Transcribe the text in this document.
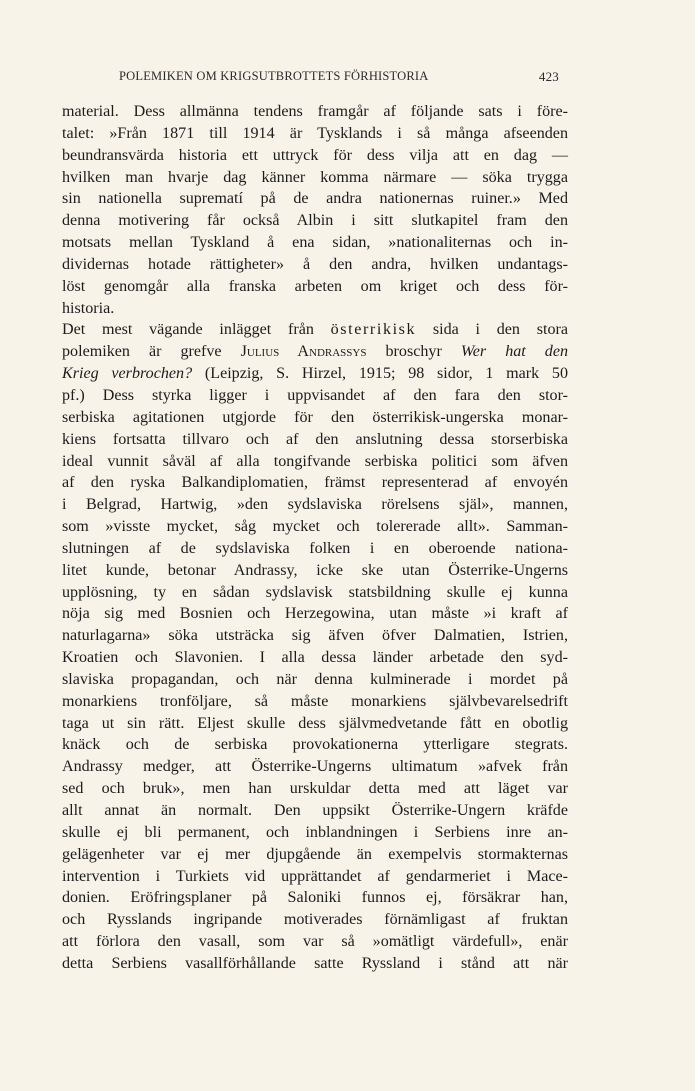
POLEMIKEN OM KRIGSUTBROTTETS FÖRHISTORIA	423
material. Dess allmänna tendens framgår af följande sats i före-
talet: »Från 1871 till 1914 är Tysklands i så många afseenden
beundransvärda historia ett uttryck för dess vilja att en dag —
hvilken man hvarje dag känner komma närmare — söka trygga
sin nationella suprematí på de andra nationernas ruiner.» Med
denna motivering får också Albin i sitt slutkapitel fram den
motsats mellan Tyskland å ena sidan, »nationaliternas och in-
dividernas hotade rättigheter» å den andra, hvilken undantags-
löst genomgår alla franska arbeten om kriget och dess för-
historia.
Det mest vägande inlägget från österrikisk sida i den stora
polemiken är grefve Julius Andrassys broschyr Wer hat den
Krieg verbrochen? (Leipzig, S. Hirzel, 1915; 98 sidor, 1 mark 50
pf.) Dess styrka ligger i uppvisandet af den fara den stor-
serbiska agitationen utgjorde för den österrikisk-ungerska monar-
kiens fortsatta tillvaro och af den anslutning dessa storserbiska
ideal vunnit såväl af alla tongifvande serbiska politici som äfven
af den ryska Balkandiplomatien, främst representerad af envoyén
i Belgrad, Hartwig, »den sydslaviska rörelsens själ», mannen,
som »visste mycket, såg mycket och tolererade allt». Samman-
slutningen af de sydslaviska folken i en oberoende nationa-
litet kunde, betonar Andrassy, icke ske utan Österrike-Ungerns
upplösning, ty en sådan sydslavisk statsbildning skulle ej kunna
nöja sig med Bosnien och Herzegowina, utan måste »i kraft af
naturlagarna» söka utsträcka sig äfven öfver Dalmatien, Istrien,
Kroatien och Slavonien. I alla dessa länder arbetade den syd-
slaviska propagandan, och när denna kulminerade i mordet på
monarkiens tronföljare, så måste monarkiens självbevarelsedrift
taga ut sin rätt. Eljest skulle dess självmedvetande fått en obotlig
knäck och de serbiska provokationerna ytterligare stegrats.
Andrassy medger, att Österrike-Ungerns ultimatum »afvek från
sed och bruk», men han urskuldar detta med att läget var
allt annat än normalt. Den uppsikt Österrike-Ungern kräfde
skulle ej bli permanent, och inblandningen i Serbiens inre an-
gelägenheter var ej mer djupgående än exempelvis stormakternas
intervention i Turkiets vid upprättandet af gendarmeriet i Mace-
donien. Eröfringsplaner på Saloniki funnos ej, försäkrar han,
och Rysslands ingripande motiverades förnämligast af fruktan
att förlora den vasall, som var så »omätligt värdefull», enär
detta Serbiens vasallförhållande satte Ryssland i stånd att när
